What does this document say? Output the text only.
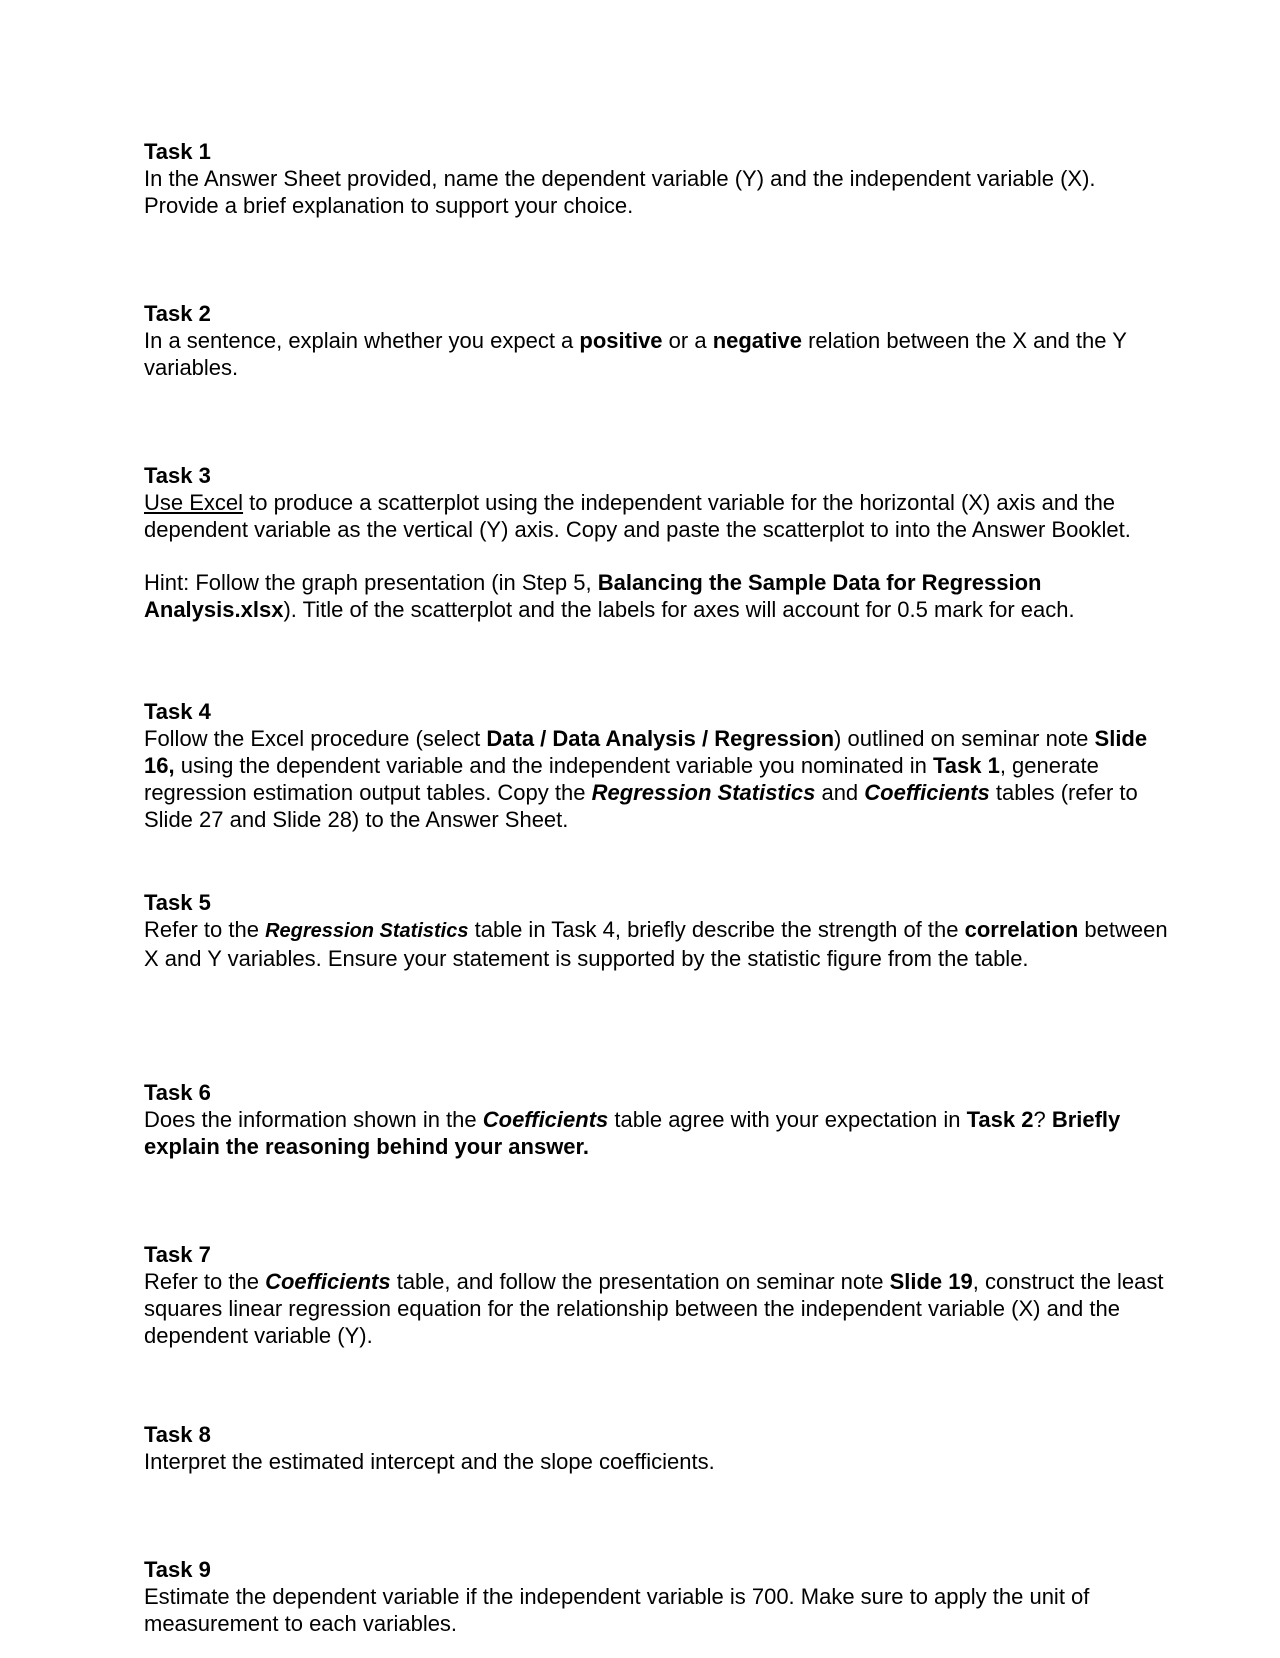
Task 1
In the Answer Sheet provided, name the dependent variable (Y) and the independent variable (X). Provide a brief explanation to support your choice.
Task 2
In a sentence, explain whether you expect a positive or a negative relation between the X and the Y variables.
Task 3
Use Excel to produce a scatterplot using the independent variable for the horizontal (X) axis and the dependent variable as the vertical (Y) axis. Copy and paste the scatterplot to into the Answer Booklet.
Hint: Follow the graph presentation (in Step 5, Balancing the Sample Data for Regression Analysis.xlsx). Title of the scatterplot and the labels for axes will account for 0.5 mark for each.
Task 4
Follow the Excel procedure (select Data / Data Analysis / Regression) outlined on seminar note Slide 16, using the dependent variable and the independent variable you nominated in Task 1, generate regression estimation output tables. Copy the Regression Statistics and Coefficients tables (refer to Slide 27 and Slide 28) to the Answer Sheet.
Task 5
Refer to the Regression Statistics table in Task 4, briefly describe the strength of the correlation between X and Y variables. Ensure your statement is supported by the statistic figure from the table.
Task 6
Does the information shown in the Coefficients table agree with your expectation in Task 2? Briefly explain the reasoning behind your answer.
Task 7
Refer to the Coefficients table, and follow the presentation on seminar note Slide 19, construct the least squares linear regression equation for the relationship between the independent variable (X) and the dependent variable (Y).
Task 8
Interpret the estimated intercept and the slope coefficients.
Task 9
Estimate the dependent variable if the independent variable is 700. Make sure to apply the unit of measurement to each variables.
